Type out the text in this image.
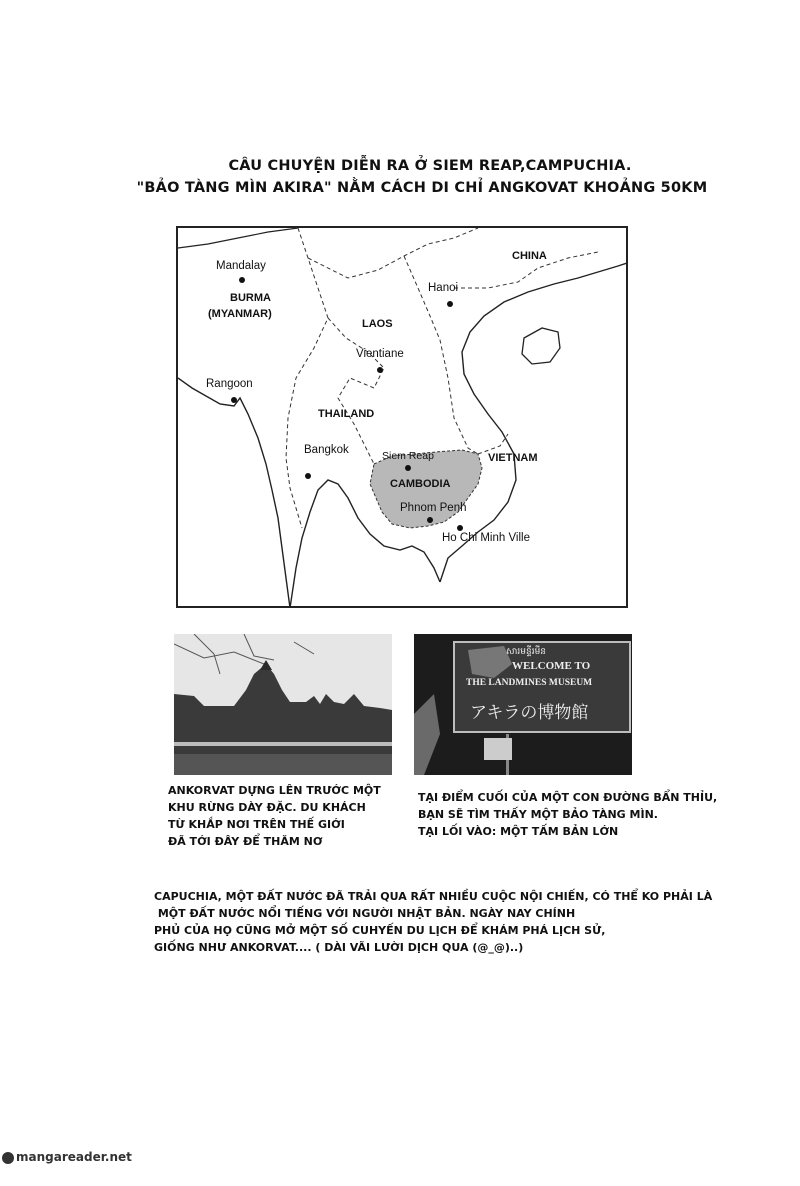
CÂU CHUYỆN DIỄN RA Ở SIEM REAP,CAMPUCHIA.
"BẢO TÀNG MÌN AKIRA" NẰM CÁCH DI CHỈ ANGKOVAT KHOẢNG 50KM
CHINA
Mandalay
BURMA
(MYANMAR)
Hanoi
LAOS
Vientiane
Rangoon
THAILAND
Bangkok	Siem Reap	VIETNAM
CAMBODIA
Phnom Penh
Ho Chi Minh Ville
សារមន្ទីរមីន
WELCOME TO
THE LANDMINES MUSEUM
アキラの博物館
ANKORVAT DỰNG LÊN TRƯỚC MỘT
KHU RỪNG DÀY ĐẶC. DU KHÁCH
TỪ KHẮP NƠI TRÊN THẾ GIỚI
ĐÃ TỚI ĐÂY ĐỂ THĂM NƠ
TẠI ĐIỂM CUỐI CỦA MỘT CON ĐƯỜNG BẨN THỈU,
BẠN SẼ TÌM THẤY MỘT BẢO TÀNG MÌN.
TẠI LỐI VÀO: MỘT TẤM BẢN LỚN
CAPUCHIA, MỘT ĐẤT NƯỚC ĐÃ TRẢI QUA RẤT NHIỀU CUỘC NỘI CHIẾN, CÓ THỂ KO PHẢI LÀ
MỘT ĐẤT NƯỚC NỔI TIẾNG VỚI NGƯỜI NHẬT BẢN. NGÀY NAY CHÍNH
PHỦ CỦA HỌ CŨNG MỞ MỘT SỐ CUHYẾN DU LỊCH ĐỂ KHÁM PHÁ LỊCH SỬ,
GIỐNG NHƯ ANKORVAT.... ( DÀI VÃI LƯỜI DỊCH QUA (@_@)..)
mangareader.net
